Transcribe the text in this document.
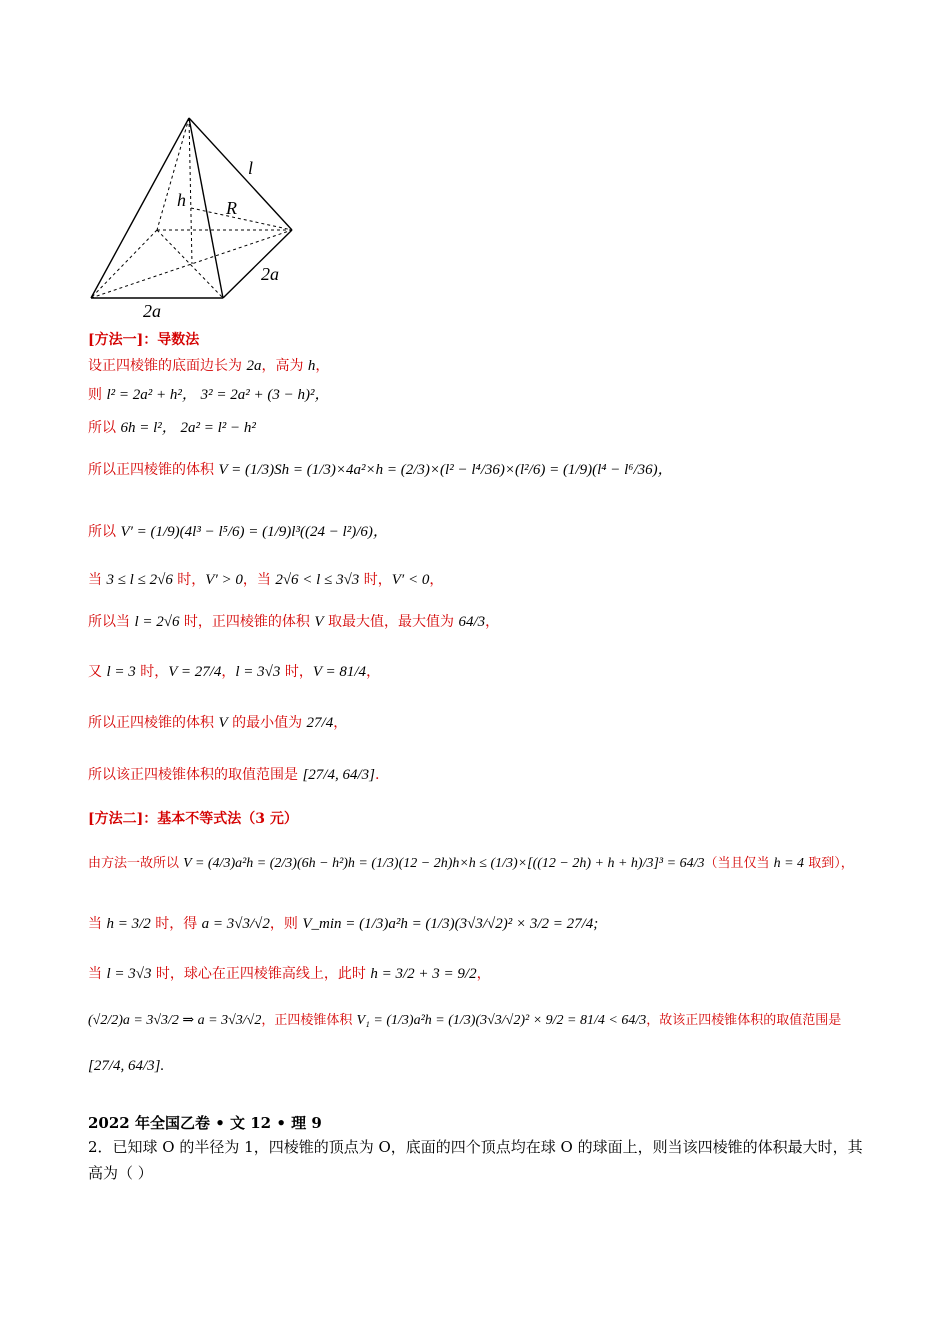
l
h R
2a
2a
[方法一]：导数法
设正四棱锥的底面边长为 2a，高为 h，
则 l² = 2a² + h²， 3² = 2a² + (3 − h)²，
所以 6h = l²， 2a² = l² − h²
所以正四棱锥的体积 V = (1/3)Sh = (1/3)×4a²×h = (2/3)×(l² − l⁴/36)×(l²/6) = (1/9)(l⁴ − l⁶/36)，
所以 V′ = (1/9)(4l³ − l⁵/6) = (1/9)l³((24 − l²)/6)，
当 3 ≤ l ≤ 2√6 时，V′ > 0，当 2√6 < l ≤ 3√3 时，V′ < 0，
所以当 l = 2√6 时，正四棱锥的体积 V 取最大值，最大值为 64/3，
又 l = 3 时，V = 27/4，l = 3√3 时，V = 81/4，
所以正四棱锥的体积 V 的最小值为 27/4，
所以该正四棱锥体积的取值范围是 [27/4, 64/3].
[方法二]：基本不等式法（3 元）
由方法一故所以 V = (4/3)a²h = (2/3)(6h − h²)h = (1/3)(12 − 2h)h×h ≤ (1/3)×[((12 − 2h) + h + h)/3]³ = 64/3（当且仅当 h = 4 取到），
当 h = 3/2 时，得 a = 3√3/√2，则 V_min = (1/3)a²h = (1/3)(3√3/√2)² × 3/2 = 27/4;
当 l = 3√3 时，球心在正四棱锥高线上，此时 h = 3/2 + 3 = 9/2，
(√2/2)a = 3√3/2 ⇒ a = 3√3/√2，正四棱锥体积 V₁ = (1/3)a²h = (1/3)(3√3/√2)² × 9/2 = 81/4 < 64/3，故该正四棱锥体积的取值范围是
[27/4, 64/3].
2022 年全国乙卷 • 文 12 • 理 9
2．已知球 O 的半径为 1，四棱锥的顶点为 O，底面的四个顶点均在球 O 的球面上，则当该四棱锥的体积最大时，其高为（ ）
